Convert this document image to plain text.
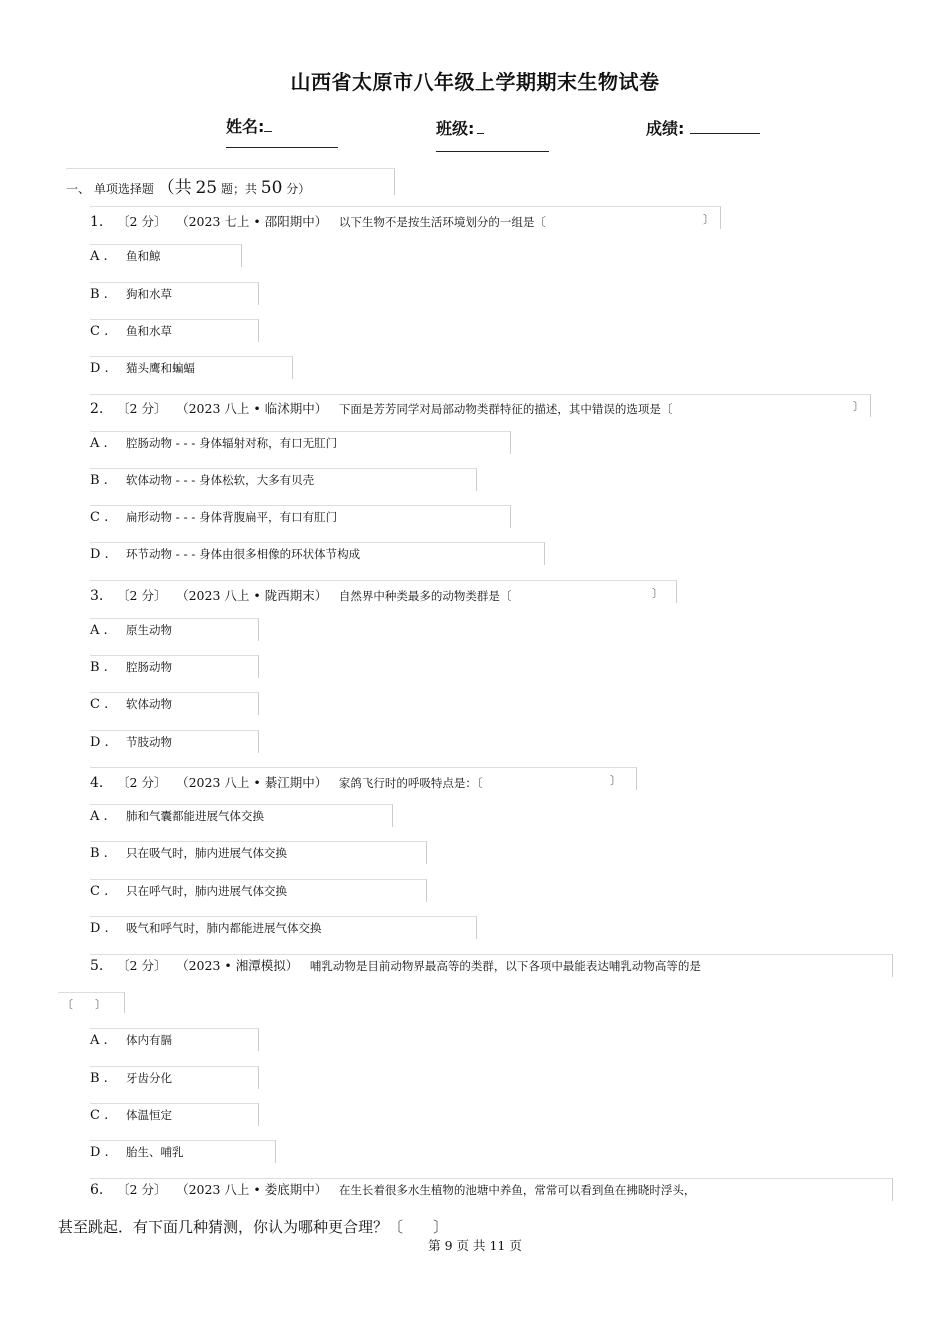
山西省太原市八年级上学期期末生物试卷
姓名:	班级:	成绩:
一、 单项选择题 （共 25 题；共 50 分）
1. 〔2 分〕 （2023 七上 • 邵阳期中） 以下生物不是按生活环境划分的一组是〔	〕
A . 鱼和鲸
B . 狗和水草
C . 鱼和水草
D . 猫头鹰和蝙蝠
2. 〔2 分〕 （2023 八上 • 临沭期中） 下面是芳芳同学对局部动物类群特征的描述，其中错误的选项是〔	〕
A . 腔肠动物 - - - 身体辐射对称，有口无肛门
B . 软体动物 - - - 身体松软，大多有贝壳
C . 扁形动物 - - - 身体背腹扁平，有口有肛门
D . 环节动物 - - - 身体由很多相像的环状体节构成
3. 〔2 分〕 （2023 八上 • 陇西期末） 自然界中种类最多的动物类群是〔	〕
A . 原生动物
B . 腔肠动物
C . 软体动物
D . 节肢动物
4. 〔2 分〕 （2023 八上 • 綦江期中） 家鸽飞行时的呼吸特点是：〔	〕
A . 肺和气囊都能进展气体交换
B . 只在吸气时，肺内进展气体交换
C . 只在呼气时，肺内进展气体交换
D . 吸气和呼气时，肺内都能进展气体交换
5. 〔2 分〕 （2023 • 湘潭模拟） 哺乳动物是目前动物界最高等的类群，以下各项中最能表达哺乳动物高等的是
〔　　〕
A . 体内有膈
B . 牙齿分化
C . 体温恒定
D . 胎生、哺乳
6. 〔2 分〕 （2023 八上 • 娄底期中） 在生长着很多水生植物的池塘中养鱼，常常可以看到鱼在拂晓时浮头，
甚至跳起．有下面几种猜测，你认为哪种更合理？〔　　〕
第 9 页 共 11 页
